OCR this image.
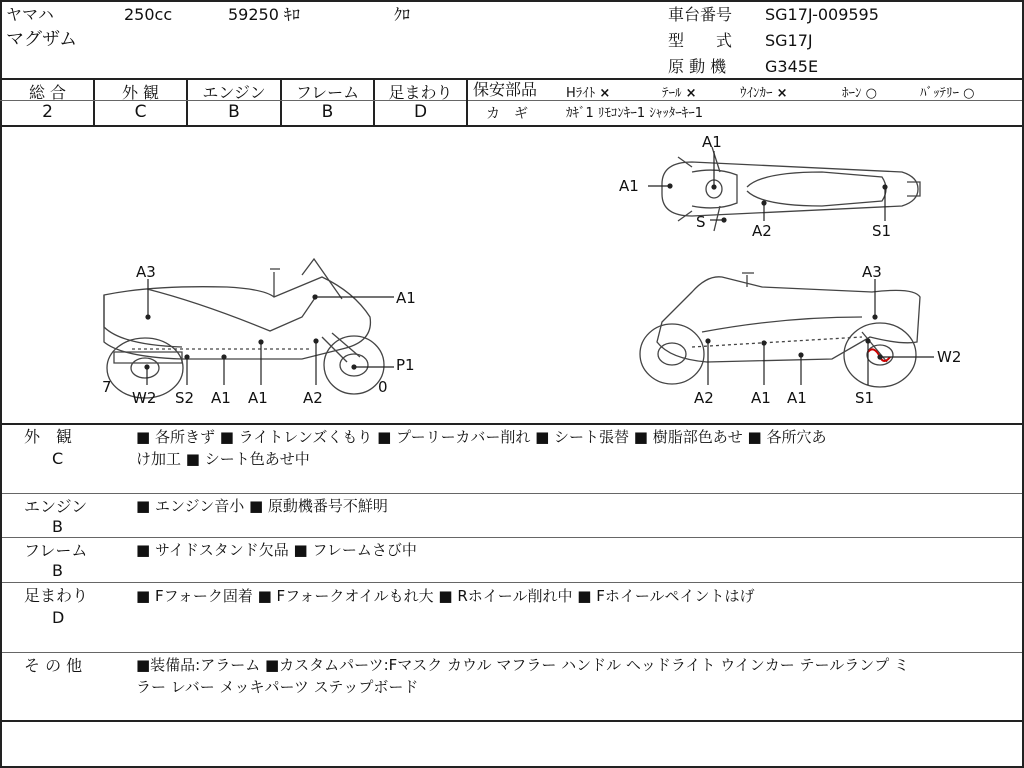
ヤマハ	250cc	59250 ｷﾛ	ｸﾛ
マグザム
車台番号 SG17J-009595
型　　式 SG17J
原 動 機 G345E
総 合
2
外 観
C
エンジン
B
フレーム
B
足まわり
D
保安部品 Hﾗｲﾄ ×	ﾃｰﾙ ×	ｳｲﾝｶｰ ×	ﾎｰﾝ ○	ﾊﾞｯﾃﾘｰ ○
カ　ギ	ｶｷﾞ1 ﾘﾓｺﾝｷｰ1 ｼｬｯﾀｰｷｰ1
A3
A1
P1
0
7
W2 S2 A1 A1 A2
A3
W2
A2 A1 A1	S1
A1
A1
S	A2	S1
外　観
C
■ 各所きず ■ ライトレンズくもり ■ プーリーカバー削れ ■ シート張替 ■ 樹脂部色あせ ■ 各所穴あ
け加工 ■ シート色あせ中
エンジン
B
■ エンジン音小 ■ 原動機番号不鮮明
フレーム
B
■ サイドスタンド欠品 ■ フレームさび中
足まわり
D
■ Fフォーク固着 ■ Fフォークオイルもれ大 ■ Rホイール削れ中 ■ Fホイールペイントはげ
そ の 他	■装備品:アラーム ■カスタムパーツ:Fマスク カウル マフラー ハンドル ヘッドライト ウインカー テールランプ ミ
ラー レバー メッキパーツ ステップボード
